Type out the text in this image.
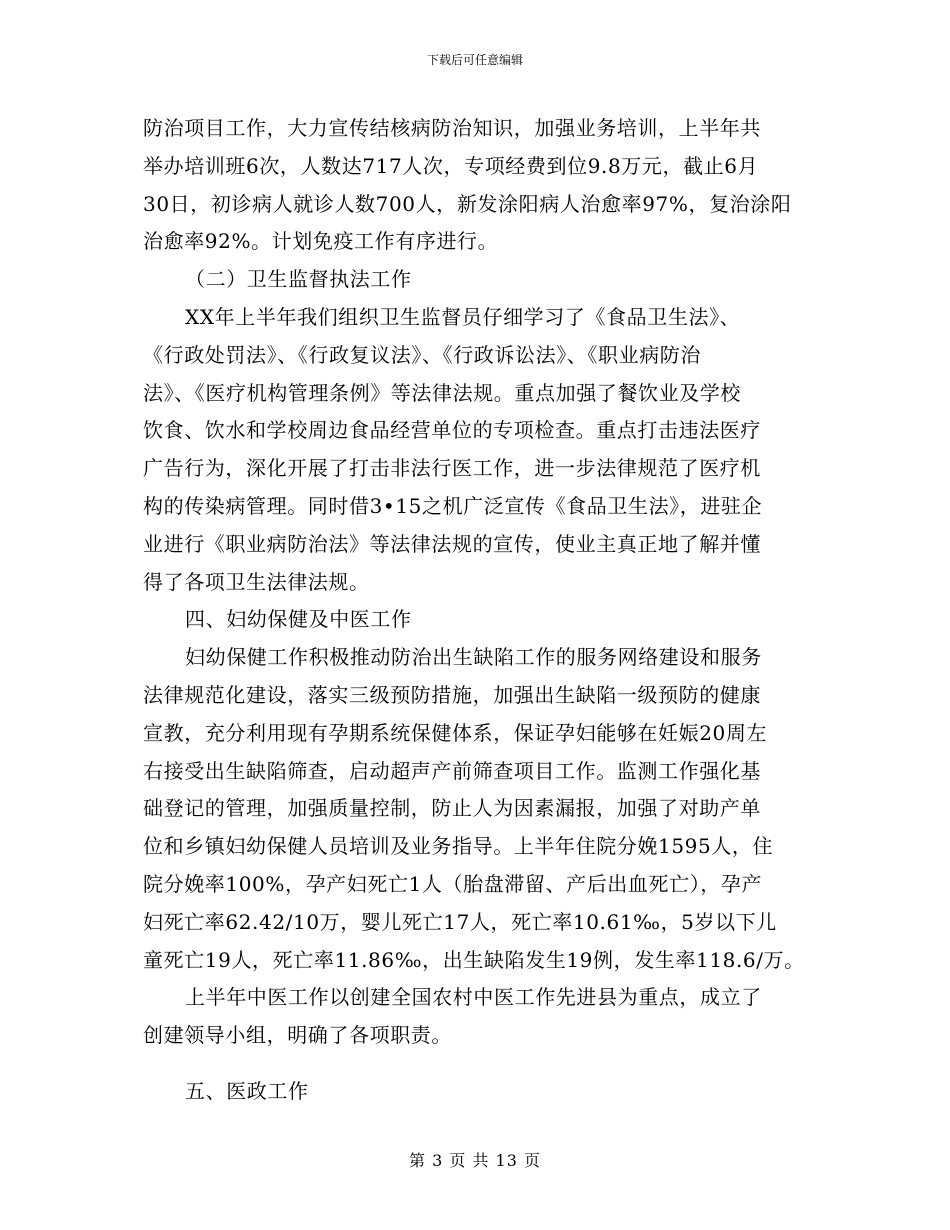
下载后可任意编辑
防治项目工作，大力宣传结核病防治知识，加强业务培训，上半年共
举办培训班6次，人数达717人次，专项经费到位9.8万元，截止6月
30日，初诊病人就诊人数700人，新发涂阳病人治愈率97%，复治涂阳
治愈率92%。计划免疫工作有序进行。
（二）卫生监督执法工作
XX年上半年我们组织卫生监督员仔细学习了《食品卫生法》、
《行政处罚法》、《行政复议法》、《行政诉讼法》、《职业病防治
法》、《医疗机构管理条例》等法律法规。重点加强了餐饮业及学校
饮食、饮水和学校周边食品经营单位的专项检查。重点打击违法医疗
广告行为，深化开展了打击非法行医工作，进一步法律规范了医疗机
构的传染病管理。同时借3•15之机广泛宣传《食品卫生法》，进驻企
业进行《职业病防治法》等法律法规的宣传，使业主真正地了解并懂
得了各项卫生法律法规。
四、妇幼保健及中医工作
妇幼保健工作积极推动防治出生缺陷工作的服务网络建设和服务
法律规范化建设，落实三级预防措施，加强出生缺陷一级预防的健康
宣教，充分利用现有孕期系统保健体系，保证孕妇能够在妊娠20周左
右接受出生缺陷筛查，启动超声产前筛查项目工作。监测工作强化基
础登记的管理，加强质量控制，防止人为因素漏报，加强了对助产单
位和乡镇妇幼保健人员培训及业务指导。上半年住院分娩1595人，住
院分娩率100%，孕产妇死亡1人（胎盘滞留、产后出血死亡），孕产
妇死亡率62.42/10万，婴儿死亡17人，死亡率10.61‰，5岁以下儿
童死亡19人，死亡率11.86‰，出生缺陷发生19例，发生率118.6/万。
上半年中医工作以创建全国农村中医工作先进县为重点，成立了
创建领导小组，明确了各项职责。
五、医政工作
第 3 页 共 13 页
